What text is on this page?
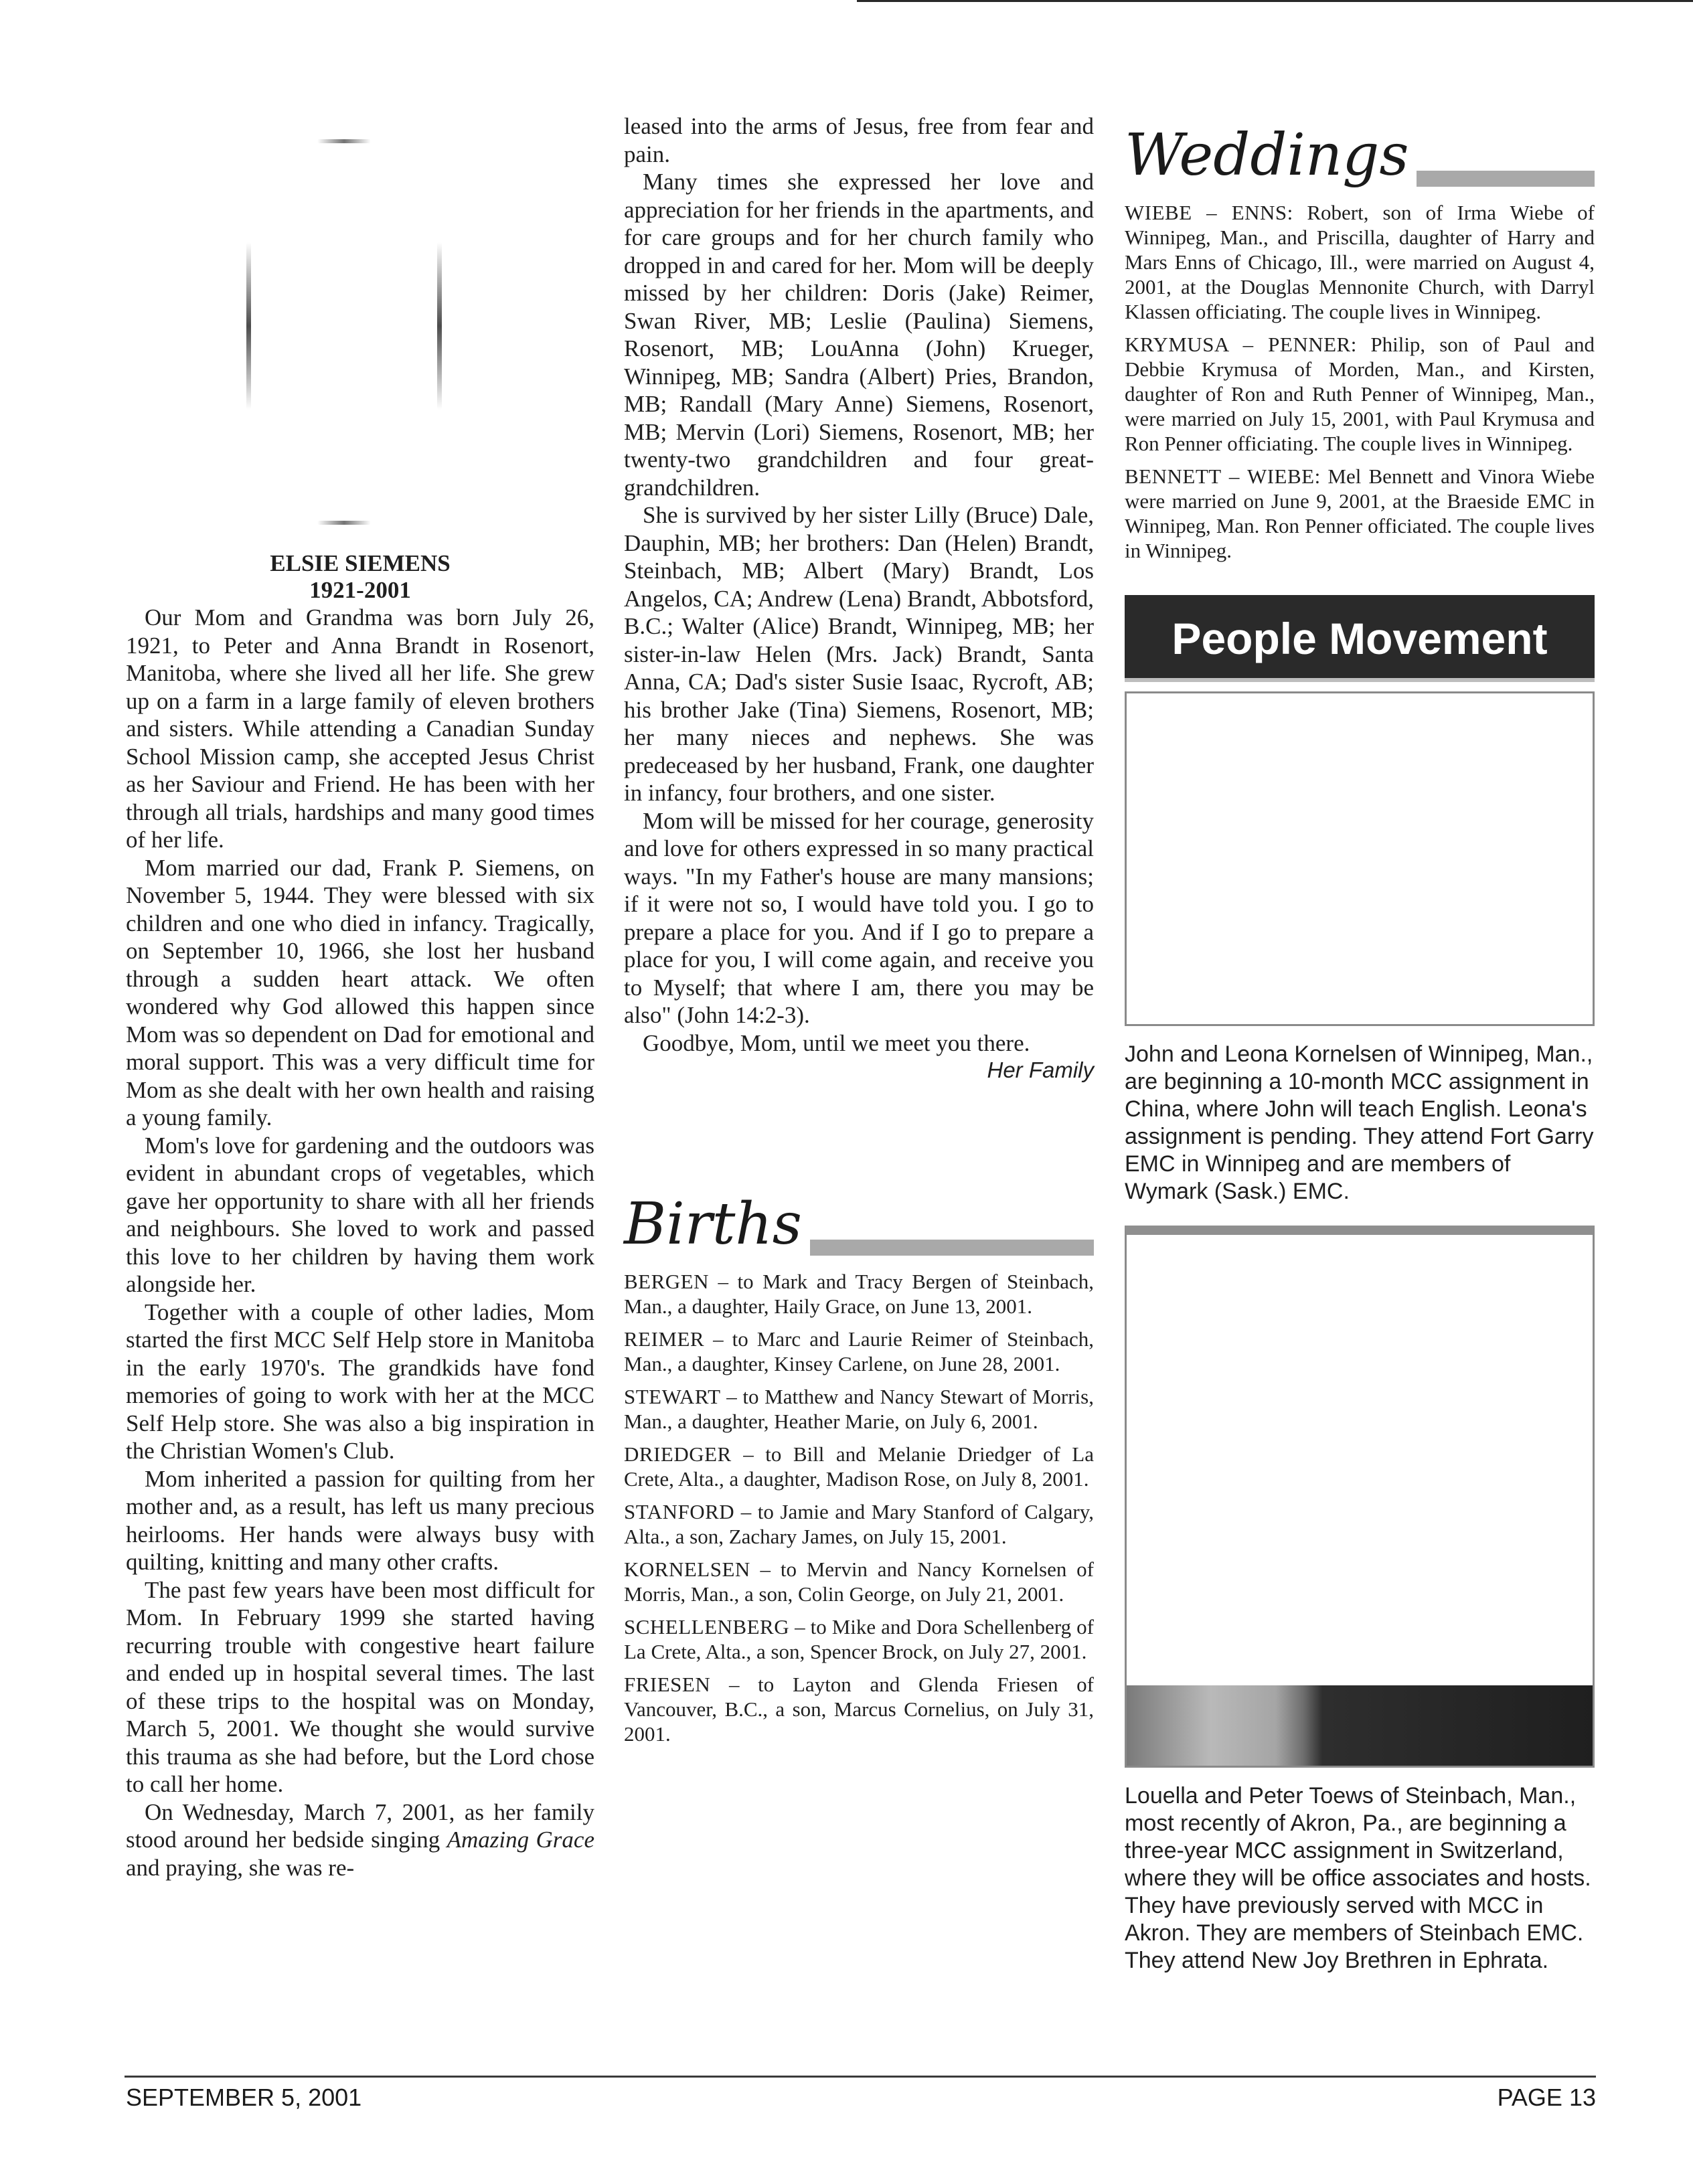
ELSIE SIEMENS
1921-2001

Our Mom and Grandma was born July 26, 1921, to Peter and Anna Brandt in Rosenort, Manitoba, where she lived all her life. She grew up on a farm in a large family of eleven brothers and sisters. While attending a Canadian Sunday School Mission camp, she accepted Jesus Christ as her Saviour and Friend. He has been with her through all trials, hardships and many good times of her life.

Mom married our dad, Frank P. Siemens, on November 5, 1944. They were blessed with six children and one who died in infancy. Tragically, on September 10, 1966, she lost her husband through a sudden heart attack. We often wondered why God allowed this happen since Mom was so dependent on Dad for emotional and moral support. This was a very difficult time for Mom as she dealt with her own health and raising a young family.

Mom's love for gardening and the outdoors was evident in abundant crops of vegetables, which gave her opportunity to share with all her friends and neighbours. She loved to work and passed this love to her children by having them work alongside her.

Together with a couple of other ladies, Mom started the first MCC Self Help store in Manitoba in the early 1970's. The grandkids have fond memories of going to work with her at the MCC Self Help store. She was also a big inspiration in the Christian Women's Club.

Mom inherited a passion for quilting from her mother and, as a result, has left us many precious heirlooms. Her hands were always busy with quilting, knitting and many other crafts.

The past few years have been most difficult for Mom. In February 1999 she started having recurring trouble with congestive heart failure and ended up in hospital several times. The last of these trips to the hospital was on Monday, March 5, 2001. We thought she would survive this trauma as she had before, but the Lord chose to call her home.

On Wednesday, March 7, 2001, as her family stood around her bedside singing Amazing Grace and praying, she was re-

leased into the arms of Jesus, free from fear and pain.

Many times she expressed her love and appreciation for her friends in the apartments, and for care groups and for her church family who dropped in and cared for her. Mom will be deeply missed by her children: Doris (Jake) Reimer, Swan River, MB; Leslie (Paulina) Siemens, Rosenort, MB; LouAnna (John) Krueger, Winnipeg, MB; Sandra (Albert) Pries, Brandon, MB; Randall (Mary Anne) Siemens, Rosenort, MB; Mervin (Lori) Siemens, Rosenort, MB; her twenty-two grandchildren and four great-grandchildren.

She is survived by her sister Lilly (Bruce) Dale, Dauphin, MB; her brothers: Dan (Helen) Brandt, Steinbach, MB; Albert (Mary) Brandt, Los Angelos, CA; Andrew (Lena) Brandt, Abbotsford, B.C.; Walter (Alice) Brandt, Winnipeg, MB; her sister-in-law Helen (Mrs. Jack) Brandt, Santa Anna, CA; Dad's sister Susie Isaac, Rycroft, AB; his brother Jake (Tina) Siemens, Rosenort, MB; her many nieces and nephews. She was predeceased by her husband, Frank, one daughter in infancy, four brothers, and one sister.

Mom will be missed for her courage, generosity and love for others expressed in so many practical ways. "In my Father's house are many mansions; if it were not so, I would have told you. I go to prepare a place for you. And if I go to prepare a place for you, I will come again, and receive you to Myself; that where I am, there you may be also" (John 14:2-3).

Goodbye, Mom, until we meet you there.

Her Family
Births
BERGEN – to Mark and Tracy Bergen of Steinbach, Man., a daughter, Haily Grace, on June 13, 2001.
REIMER – to Marc and Laurie Reimer of Steinbach, Man., a daughter, Kinsey Carlene, on June 28, 2001.
STEWART – to Matthew and Nancy Stewart of Morris, Man., a daughter, Heather Marie, on July 6, 2001.
DRIEDGER – to Bill and Melanie Driedger of La Crete, Alta., a daughter, Madison Rose, on July 8, 2001.
STANFORD – to Jamie and Mary Stanford of Calgary, Alta., a son, Zachary James, on July 15, 2001.
KORNELSEN – to Mervin and Nancy Kornelsen of Morris, Man., a son, Colin George, on July 21, 2001.
SCHELLENBERG – to Mike and Dora Schellenberg of La Crete, Alta., a son, Spencer Brock, on July 27, 2001.
FRIESEN – to Layton and Glenda Friesen of Vancouver, B.C., a son, Marcus Cornelius, on July 31, 2001.
Weddings
WIEBE – ENNS: Robert, son of Irma Wiebe of Winnipeg, Man., and Priscilla, daughter of Harry and Mars Enns of Chicago, Ill., were married on August 4, 2001, at the Douglas Mennonite Church, with Darryl Klassen officiating. The couple lives in Winnipeg.
KRYMUSA – PENNER: Philip, son of Paul and Debbie Krymusa of Morden, Man., and Kirsten, daughter of Ron and Ruth Penner of Winnipeg, Man., were married on July 15, 2001, with Paul Krymusa and Ron Penner officiating. The couple lives in Winnipeg.
BENNETT – WIEBE: Mel Bennett and Vinora Wiebe were married on June 9, 2001, at the Braeside EMC in Winnipeg, Man. Ron Penner officiated. The couple lives in Winnipeg.
People Movement
John and Leona Kornelsen of Winnipeg, Man., are beginning a 10-month MCC assignment in China, where John will teach English. Leona's assignment is pending. They attend Fort Garry EMC in Winnipeg and are members of Wymark (Sask.) EMC.
Louella and Peter Toews of Steinbach, Man., most recently of Akron, Pa., are beginning a three-year MCC assignment in Switzerland, where they will be office associates and hosts. They have previously served with MCC in Akron. They are members of Steinbach EMC. They attend New Joy Brethren in Ephrata.
SEPTEMBER 5, 2001	PAGE 13
